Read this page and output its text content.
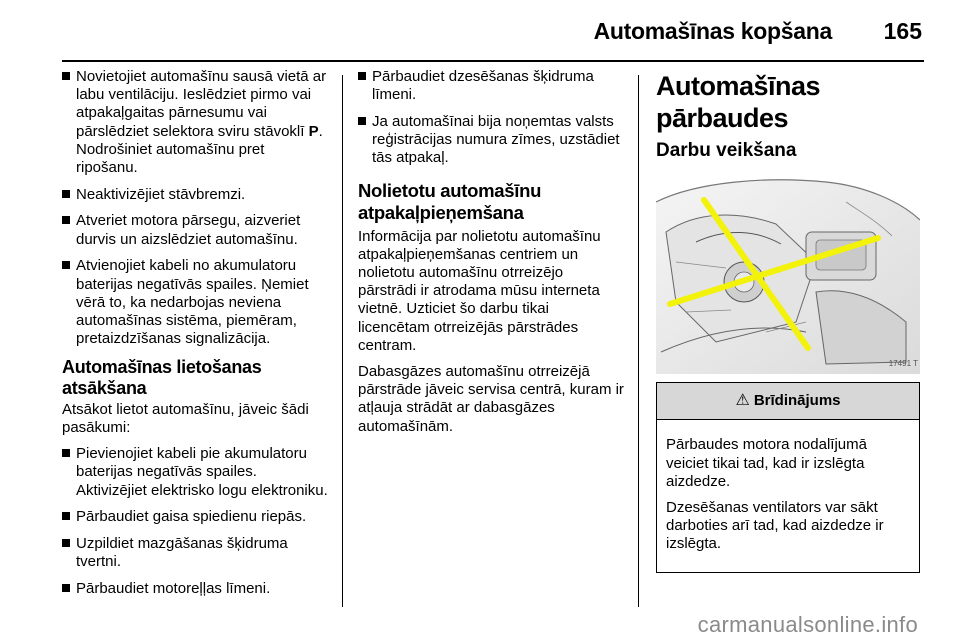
Automašīnas kopšana 165
Novietojiet automašīnu sausā vietā ar labu ventilāciju. Ieslēdziet pirmo vai atpakaļgaitas pārnesumu vai pārslēdziet selektora sviru stāvoklī P. Nodrošiniet automašīnu pret ripošanu.
Neaktivizējiet stāvbremzi.
Atveriet motora pārsegu, aizveriet durvis un aizslēdziet automašīnu.
Atvienojiet kabeli no akumulatoru baterijas negatīvās spailes. Ņemiet vērā to, ka nedarbojas neviena automašīnas sistēma, piemēram, pretaizdzīšanas signalizācija.
Automašīnas lietošanas atsākšana

Atsākot lietot automašīnu, jāveic šādi pasākumi:

Pievienojiet kabeli pie akumulatoru baterijas negatīvās spailes. Aktivizējiet elektrisko logu elektroniku.
Pārbaudiet gaisa spiedienu riepās.
Uzpildiet mazgāšanas šķidruma tvertni.
Pārbaudiet motoreļļas līmeni.
Pārbaudiet dzesēšanas šķidruma līmeni.
Ja automašīnai bija noņemtas valsts reģistrācijas numura zīmes, uzstādiet tās atpakaļ.
Nolietotu automašīnu atpakaļpieņemšana

Informācija par nolietotu automašīnu atpakaļpieņemšanas centriem un nolietotu automašīnu otrreizējo pārstrādi ir atrodama mūsu interneta vietnē. Uzticiet šo darbu tikai licencētam otrreizējās pārstrādes centram.

Dabasgāzes automašīnu otrreizējā pārstrāde jāveic servisa centrā, kuram ir atļauja strādāt ar dabasgāzes automašīnām.

Automašīnas pārbaudes
Darbu veikšana
17491 T
⚠ Brīdinājums

Pārbaudes motora nodalījumā veiciet tikai tad, kad ir izslēgta aizdedze.

Dzesēšanas ventilators var sākt darboties arī tad, kad aizdedze ir izslēgta.

carmanualsonline.info
